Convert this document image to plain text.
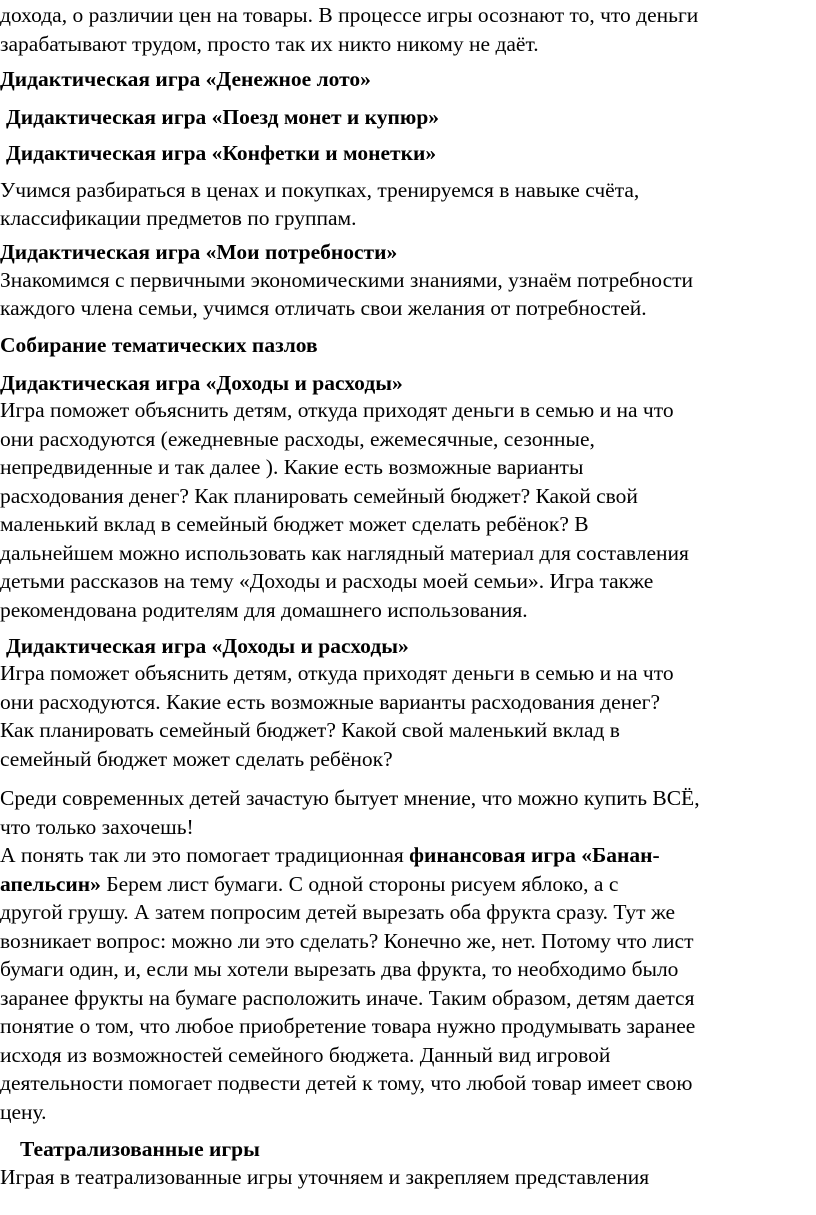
дохода, о различии цен на товары. В процессе игры осознают то, что деньги
зарабатывают трудом, просто так их никто никому не даёт.
Дидактическая игра «Денежное лото»
Дидактическая игра «Поезд монет и купюр»
Дидактическая игра «Конфетки и монетки»
Учимся разбираться в ценах и покупках, тренируемся в навыке счёта,
классификации предметов по группам.
Дидактическая игра «Мои потребности»
Знакомимся с первичными экономическими знаниями, узнаём потребности
каждого члена семьи, учимся отличать свои желания от потребностей.
Собирание тематических пазлов
Дидактическая игра «Доходы и расходы»
Игра поможет объяснить детям, откуда приходят деньги в семью и на что
они расходуются (ежедневные расходы, ежемесячные, сезонные,
непредвиденные и так далее ). Какие есть возможные варианты
расходования денег? Как планировать семейный бюджет? Какой свой
маленький вклад в семейный бюджет может сделать ребёнок? В
дальнейшем можно использовать как наглядный материал для составления
детьми рассказов на тему «Доходы и расходы моей семьи». Игра также
рекомендована родителям для домашнего использования.
Дидактическая игра «Доходы и расходы»
Игра поможет объяснить детям, откуда приходят деньги в семью и на что
они расходуются. Какие есть возможные варианты расходования денег?
Как планировать семейный бюджет? Какой свой маленький вклад в
семейный бюджет может сделать ребёнок?
Среди современных детей зачастую бытует мнение, что можно купить ВСЁ,
что только захочешь!
А понять так ли это помогает традиционная финансовая игра «Банан-
апельсин» Берем лист бумаги. С одной стороны рисуем яблоко, а с
другой грушу. А затем попросим детей вырезать оба фрукта сразу. Тут же
возникает вопрос: можно ли это сделать? Конечно же, нет. Потому что лист
бумаги один, и, если мы хотели вырезать два фрукта, то необходимо было
заранее фрукты на бумаге расположить иначе. Таким образом, детям дается
понятие о том, что любое приобретение товара нужно продумывать заранее
исходя из возможностей семейного бюджета. Данный вид игровой
деятельности помогает подвести детей к тому, что любой товар имеет свою
цену.
Театрализованные игры
Играя в театрализованные игры уточняем и закрепляем представления
